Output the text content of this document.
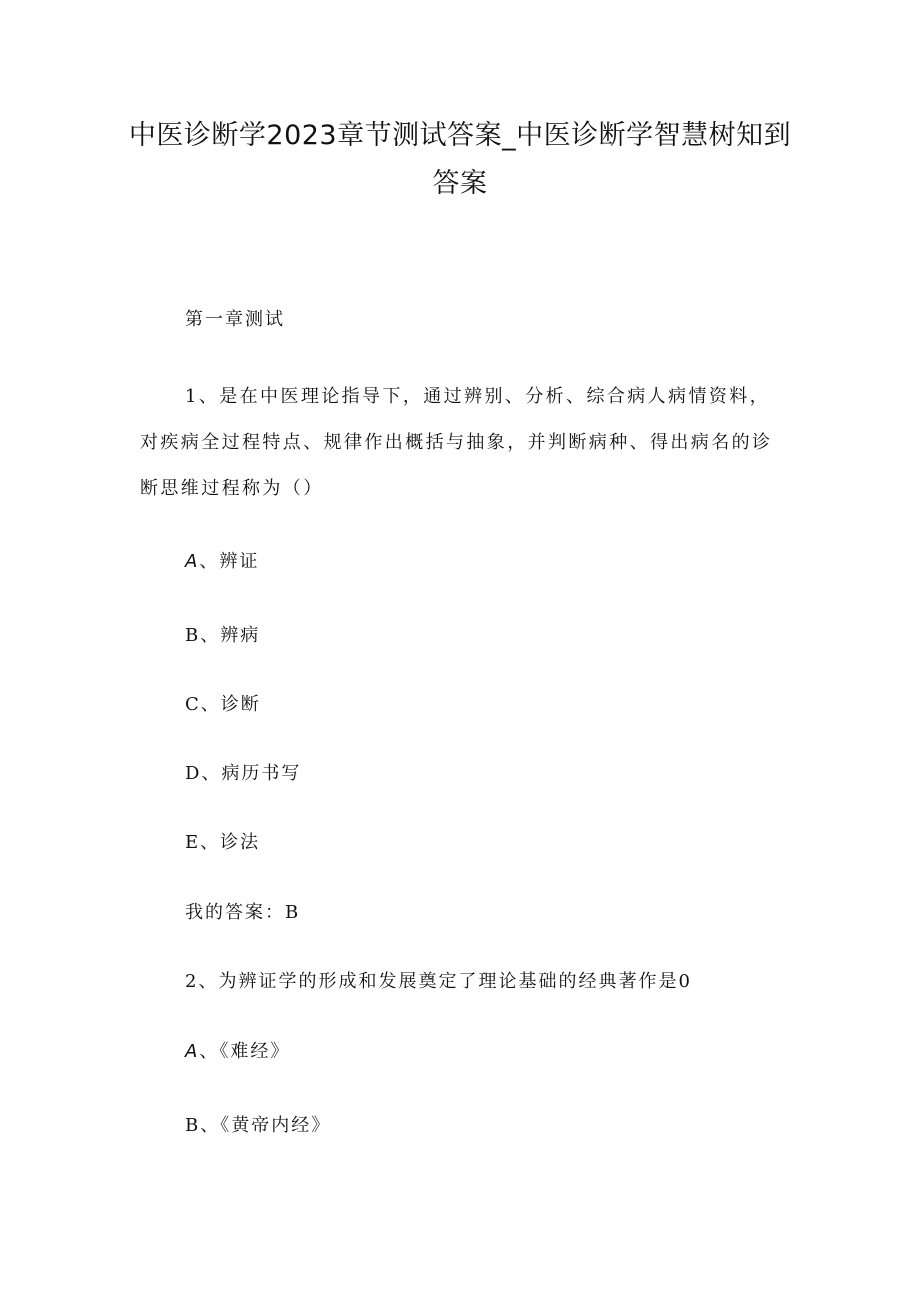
中医诊断学2023章节测试答案_中医诊断学智慧树知到答案
第一章测试
1、是在中医理论指导下，通过辨别、分析、综合病人病情资料，对疾病全过程特点、规律作出概括与抽象，并判断病种、得出病名的诊断思维过程称为（）
A、辨证
B、辨病
C、诊断
D、病历书写
E、诊法
我的答案：B
2、为辨证学的形成和发展奠定了理论基础的经典著作是0
A、《难经》
B、《黄帝内经》
